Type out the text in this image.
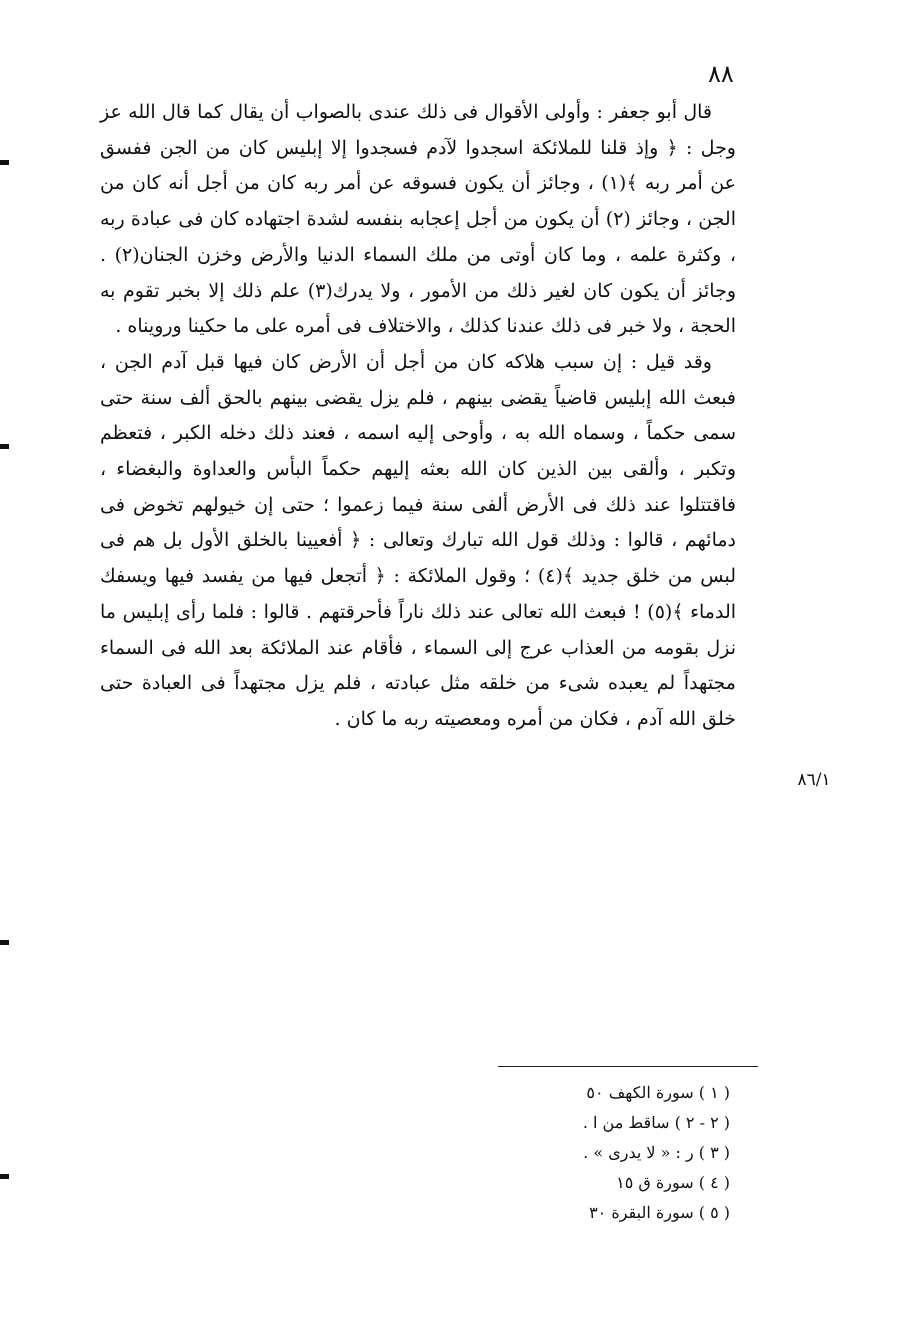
٨٨

قال أبو جعفر : وأولى الأقوال فى ذلك عندى بالصواب أن يقال كما قال الله عز وجل : ﴿ وإذ قلنا للملائكة اسجدوا لآدم فسجدوا إلا إبليس كان من الجن ففسق عن أمر ربه ﴾(١) ، وجائز أن يكون فسوقه عن أمر ربه كان من أجل أنه كان من الجن ، وجائز (٢) أن يكون من أجل إعجابه بنفسه لشدة اجتهاده كان فى عبادة ربه ، وكثرة علمه ، وما كان أوتى من ملك السماء الدنيا والأرض وخزن الجنان(٢) . وجائز أن يكون كان لغير ذلك من الأمور ، ولا يدرك(٣) علم ذلك إلا بخبر تقوم به الحجة ، ولا خبر فى ذلك عندنا كذلك ، والاختلاف فى أمره على ما حكينا ورويناه .

وقد قيل : إن سبب هلاكه كان من أجل أن الأرض كان فيها قبل آدم الجن ، فبعث الله إبليس قاضياً يقضى بينهم ، فلم يزل يقضى بينهم بالحق ألف سنة حتى سمى حكماً ، وسماه الله به ، وأوحى إليه اسمه ، فعند ذلك دخله الكبر ، فتعظم وتكبر ، وألقى بين الذين كان الله بعثه إليهم حكماً البأس والعداوة والبغضاء ، فاقتتلوا عند ذلك فى الأرض ألفى سنة فيما زعموا ؛ حتى إن خيولهم تخوض فى دمائهم ، قالوا : وذلك قول الله تبارك وتعالى : ﴿ أفعيينا بالخلق الأول بل هم فى لبس من خلق جديد ﴾(٤) ؛ وقول الملائكة : ﴿ أتجعل فيها من يفسد فيها ويسفك الدماء ﴾(٥) ! فبعث الله تعالى عند ذلك ناراً فأحرقتهم . قالوا : فلما رأى إبليس ما نزل بقومه من العذاب عرج إلى السماء ، فأقام عند الملائكة بعد الله فى السماء مجتهداً لم يعبده شىء من خلقه مثل عبادته ، فلم يزل مجتهداً فى العبادة حتى خلق الله آدم ، فكان من أمره ومعصيته ربه ما كان .

٨٦/١
( ١ ) سورة الكهف ٥٠
( ٢ - ٢ ) ساقط من ا .
( ٣ ) ر : « لا يدرى » .
( ٤ ) سورة ق ١٥
( ٥ ) سورة البقرة ٣٠
